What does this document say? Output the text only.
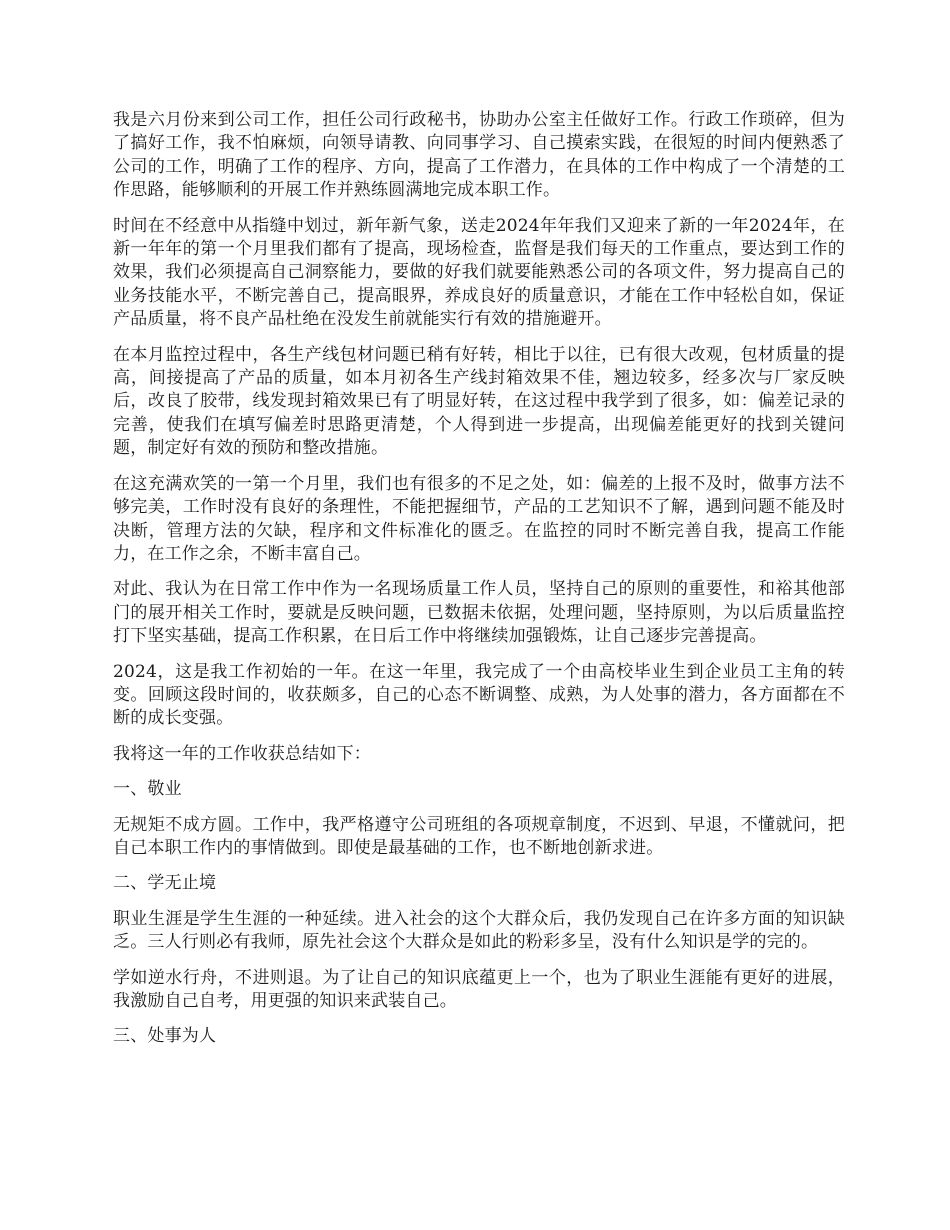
我是六月份来到公司工作，担任公司行政秘书，协助办公室主任做好工作。行政工作琐碎，但为了搞好工作，我不怕麻烦，向领导请教、向同事学习、自己摸索实践，在很短的时间内便熟悉了公司的工作，明确了工作的程序、方向，提高了工作潜力，在具体的工作中构成了一个清楚的工作思路，能够顺利的开展工作并熟练圆满地完成本职工作。

时间在不经意中从指缝中划过，新年新气象，送走2024年年我们又迎来了新的一年2024年，在新一年年的第一个月里我们都有了提高，现场检查，监督是我们每天的工作重点，要达到工作的效果，我们必须提高自己洞察能力，要做的好我们就要能熟悉公司的各项文件，努力提高自己的业务技能水平，不断完善自己，提高眼界，养成良好的质量意识，才能在工作中轻松自如，保证产品质量，将不良产品杜绝在没发生前就能实行有效的措施避开。

在本月监控过程中，各生产线包材问题已稍有好转，相比于以往，已有很大改观，包材质量的提高，间接提高了产品的质量，如本月初各生产线封箱效果不佳，翘边较多，经多次与厂家反映后，改良了胶带，线发现封箱效果已有了明显好转，在这过程中我学到了很多，如：偏差记录的完善，使我们在填写偏差时思路更清楚，个人得到进一步提高，出现偏差能更好的找到关键问题，制定好有效的预防和整改措施。

在这充满欢笑的一第一个月里，我们也有很多的不足之处，如：偏差的上报不及时，做事方法不够完美，工作时没有良好的条理性，不能把握细节，产品的工艺知识不了解，遇到问题不能及时决断，管理方法的欠缺，程序和文件标准化的匮乏。在监控的同时不断完善自我，提高工作能力，在工作之余，不断丰富自己。

对此、我认为在日常工作中作为一名现场质量工作人员，坚持自己的原则的重要性，和裕其他部门的展开相关工作时，要就是反映问题，已数据未依据，处理问题，坚持原则，为以后质量监控打下坚实基础，提高工作积累，在日后工作中将继续加强锻炼，让自己逐步完善提高。

2024，这是我工作初始的一年。在这一年里，我完成了一个由高校毕业生到企业员工主角的转变。回顾这段时间的，收获颇多，自己的心态不断调整、成熟，为人处事的潜力，各方面都在不断的成长变强。

我将这一年的工作收获总结如下：

一、敬业

无规矩不成方圆。工作中，我严格遵守公司班组的各项规章制度，不迟到、早退，不懂就问，把自己本职工作内的事情做到。即使是最基础的工作，也不断地创新求进。

二、学无止境

职业生涯是学生生涯的一种延续。进入社会的这个大群众后，我仍发现自己在许多方面的知识缺乏。三人行则必有我师，原先社会这个大群众是如此的粉彩多呈，没有什么知识是学的完的。

学如逆水行舟，不进则退。为了让自己的知识底蕴更上一个，也为了职业生涯能有更好的进展，我激励自己自考，用更强的知识来武装自己。

三、处事为人
